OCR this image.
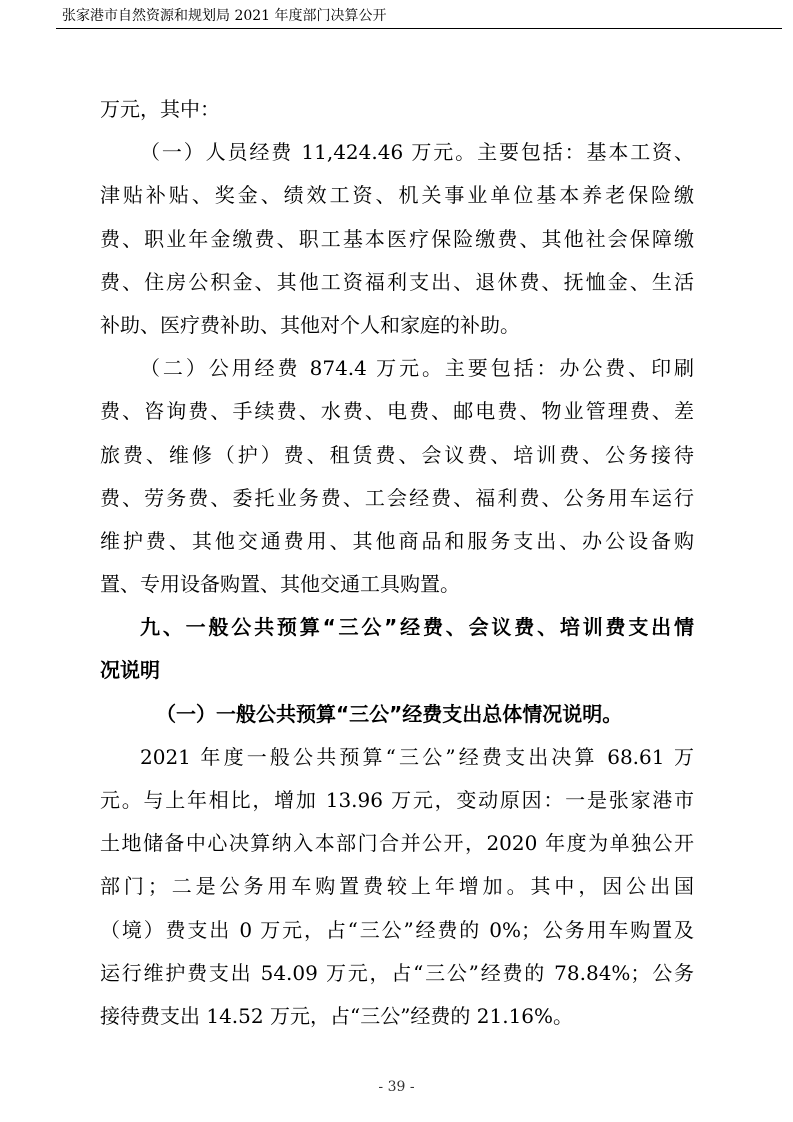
张家港市自然资源和规划局 2021 年度部门决算公开
万元，其中：
（一）人员经费 11,424.46 万元。主要包括：基本工资、
津贴补贴、奖金、绩效工资、机关事业单位基本养老保险缴
费、职业年金缴费、职工基本医疗保险缴费、其他社会保障缴
费、住房公积金、其他工资福利支出、退休费、抚恤金、生活
补助、医疗费补助、其他对个人和家庭的补助。
（二）公用经费 874.4 万元。主要包括：办公费、印刷
费、咨询费、手续费、水费、电费、邮电费、物业管理费、差
旅费、维修（护）费、租赁费、会议费、培训费、公务接待
费、劳务费、委托业务费、工会经费、福利费、公务用车运行
维护费、其他交通费用、其他商品和服务支出、办公设备购
置、专用设备购置、其他交通工具购置。
九、一般公共预算“三公”经费、会议费、培训费支出情
况说明
（一）一般公共预算“三公”经费支出总体情况说明。
2021 年度一般公共预算“三公”经费支出决算 68.61 万
元。与上年相比，增加 13.96 万元，变动原因：一是张家港市
土地储备中心决算纳入本部门合并公开，2020 年度为单独公开
部门；二是公务用车购置费较上年增加。其中，因公出国
（境）费支出 0 万元，占“三公”经费的 0%；公务用车购置及
运行维护费支出 54.09 万元，占“三公”经费的 78.84%；公务
接待费支出 14.52 万元，占“三公”经费的 21.16%。
- 39 -
